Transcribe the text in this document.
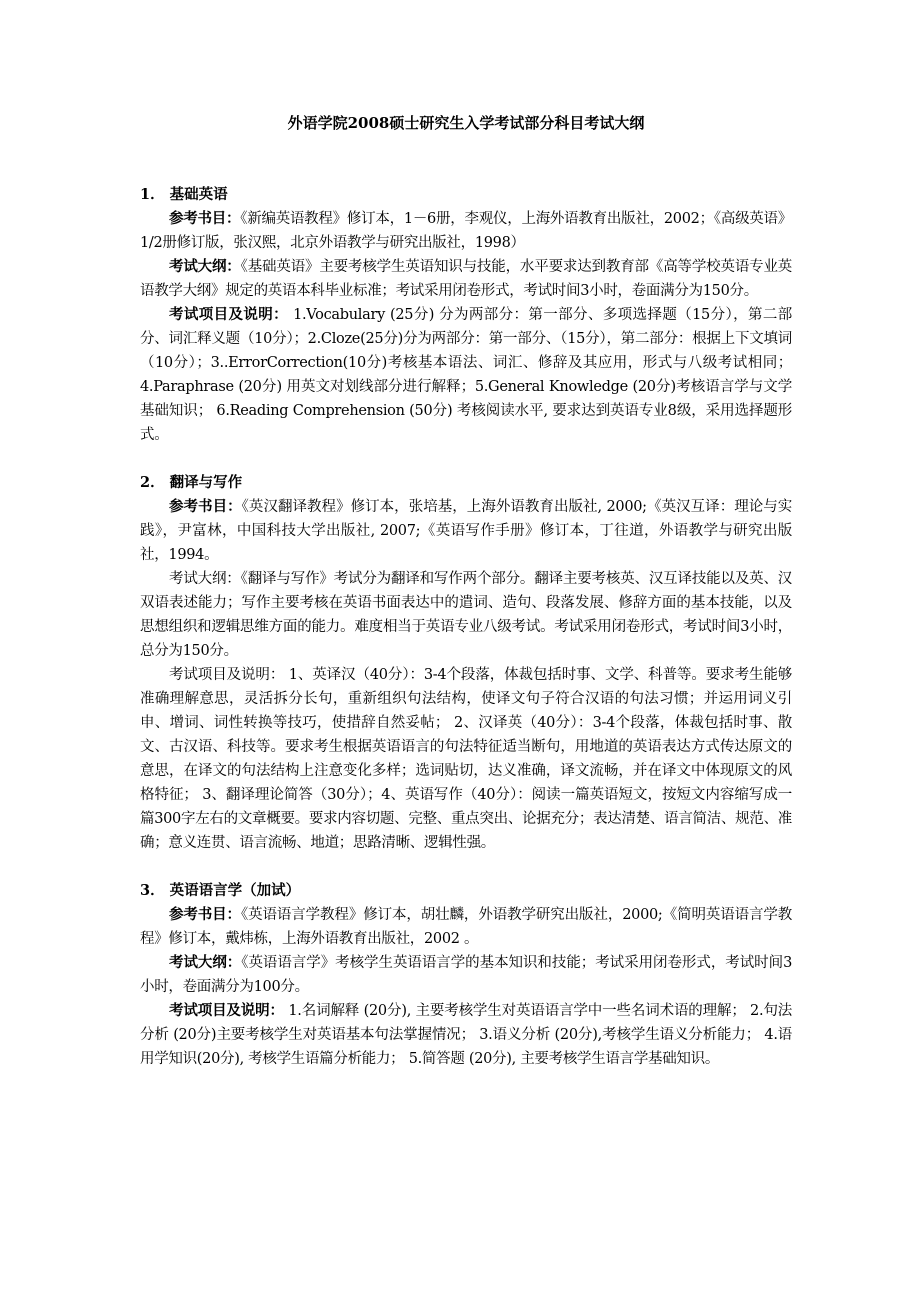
外语学院2008硕士研究生入学考试部分科目考试大纲

1． 基础英语

参考书目：《新编英语教程》修订本，1－6册，李观仪，上海外语教育出版社，2002；《高级英语》1/2册修订版，张汉熙，北京外语教学与研究出版社，1998）

考试大纲：《基础英语》主要考核学生英语知识与技能，水平要求达到教育部《高等学校英语专业英语教学大纲》规定的英语本科毕业标准；考试采用闭卷形式，考试时间3小时，卷面满分为150分。

考试项目及说明： 1.Vocabulary (25分) 分为两部分：第一部分、多项选择题（15分），第二部分、词汇释义题（10分）；2.Cloze(25分)分为两部分：第一部分、（15分），第二部分：根据上下文填词（10分）；3..ErrorCorrection(10分)考核基本语法、词汇、修辞及其应用，形式与八级考试相同； 4.Paraphrase (20分) 用英文对划线部分进行解释；5.General Knowledge (20分)考核语言学与文学基础知识； 6.Reading Comprehension (50分) 考核阅读水平, 要求达到英语专业8级，采用选择题形式。

2． 翻译与写作

参考书目：《英汉翻译教程》修订本，张培基，上海外语教育出版社, 2000;《英汉互译：理论与实践》，尹富林，中国科技大学出版社, 2007;《英语写作手册》修订本，丁往道，外语教学与研究出版社，1994。

考试大纲：《翻译与写作》考试分为翻译和写作两个部分。翻译主要考核英、汉互译技能以及英、汉双语表述能力；写作主要考核在英语书面表达中的遣词、造句、段落发展、修辞方面的基本技能，以及思想组织和逻辑思维方面的能力。难度相当于英语专业八级考试。考试采用闭卷形式，考试时间3小时，总分为150分。

考试项目及说明： 1、英译汉（40分）：3-4个段落，体裁包括时事、文学、科普等。要求考生能够准确理解意思，灵活拆分长句，重新组织句法结构，使译文句子符合汉语的句法习惯；并运用词义引申、增词、词性转换等技巧，使措辞自然妥帖； 2、汉译英（40分）：3-4个段落，体裁包括时事、散文、古汉语、科技等。要求考生根据英语语言的句法特征适当断句，用地道的英语表达方式传达原文的意思，在译文的句法结构上注意变化多样；选词贴切，达义准确，译文流畅，并在译文中体现原文的风格特征； 3、翻译理论简答（30分）；4、英语写作（40分）：阅读一篇英语短文，按短文内容缩写成一篇300字左右的文章概要。要求内容切题、完整、重点突出、论据充分；表达清楚、语言简洁、规范、准确；意义连贯、语言流畅、地道；思路清晰、逻辑性强。

3． 英语语言学（加试）

参考书目：《英语语言学教程》修订本，胡壮麟，外语教学研究出版社，2000;《简明英语语言学教程》修订本，戴炜栋，上海外语教育出版社，2002 。

考试大纲：《英语语言学》考核学生英语语言学的基本知识和技能；考试采用闭卷形式，考试时间3小时，卷面满分为100分。

考试项目及说明： 1.名词解释 (20分), 主要考核学生对英语语言学中一些名词术语的理解； 2.句法分析 (20分)主要考核学生对英语基本句法掌握情况； 3.语义分析 (20分),考核学生语义分析能力； 4.语用学知识(20分), 考核学生语篇分析能力； 5.简答题 (20分), 主要考核学生语言学基础知识。
